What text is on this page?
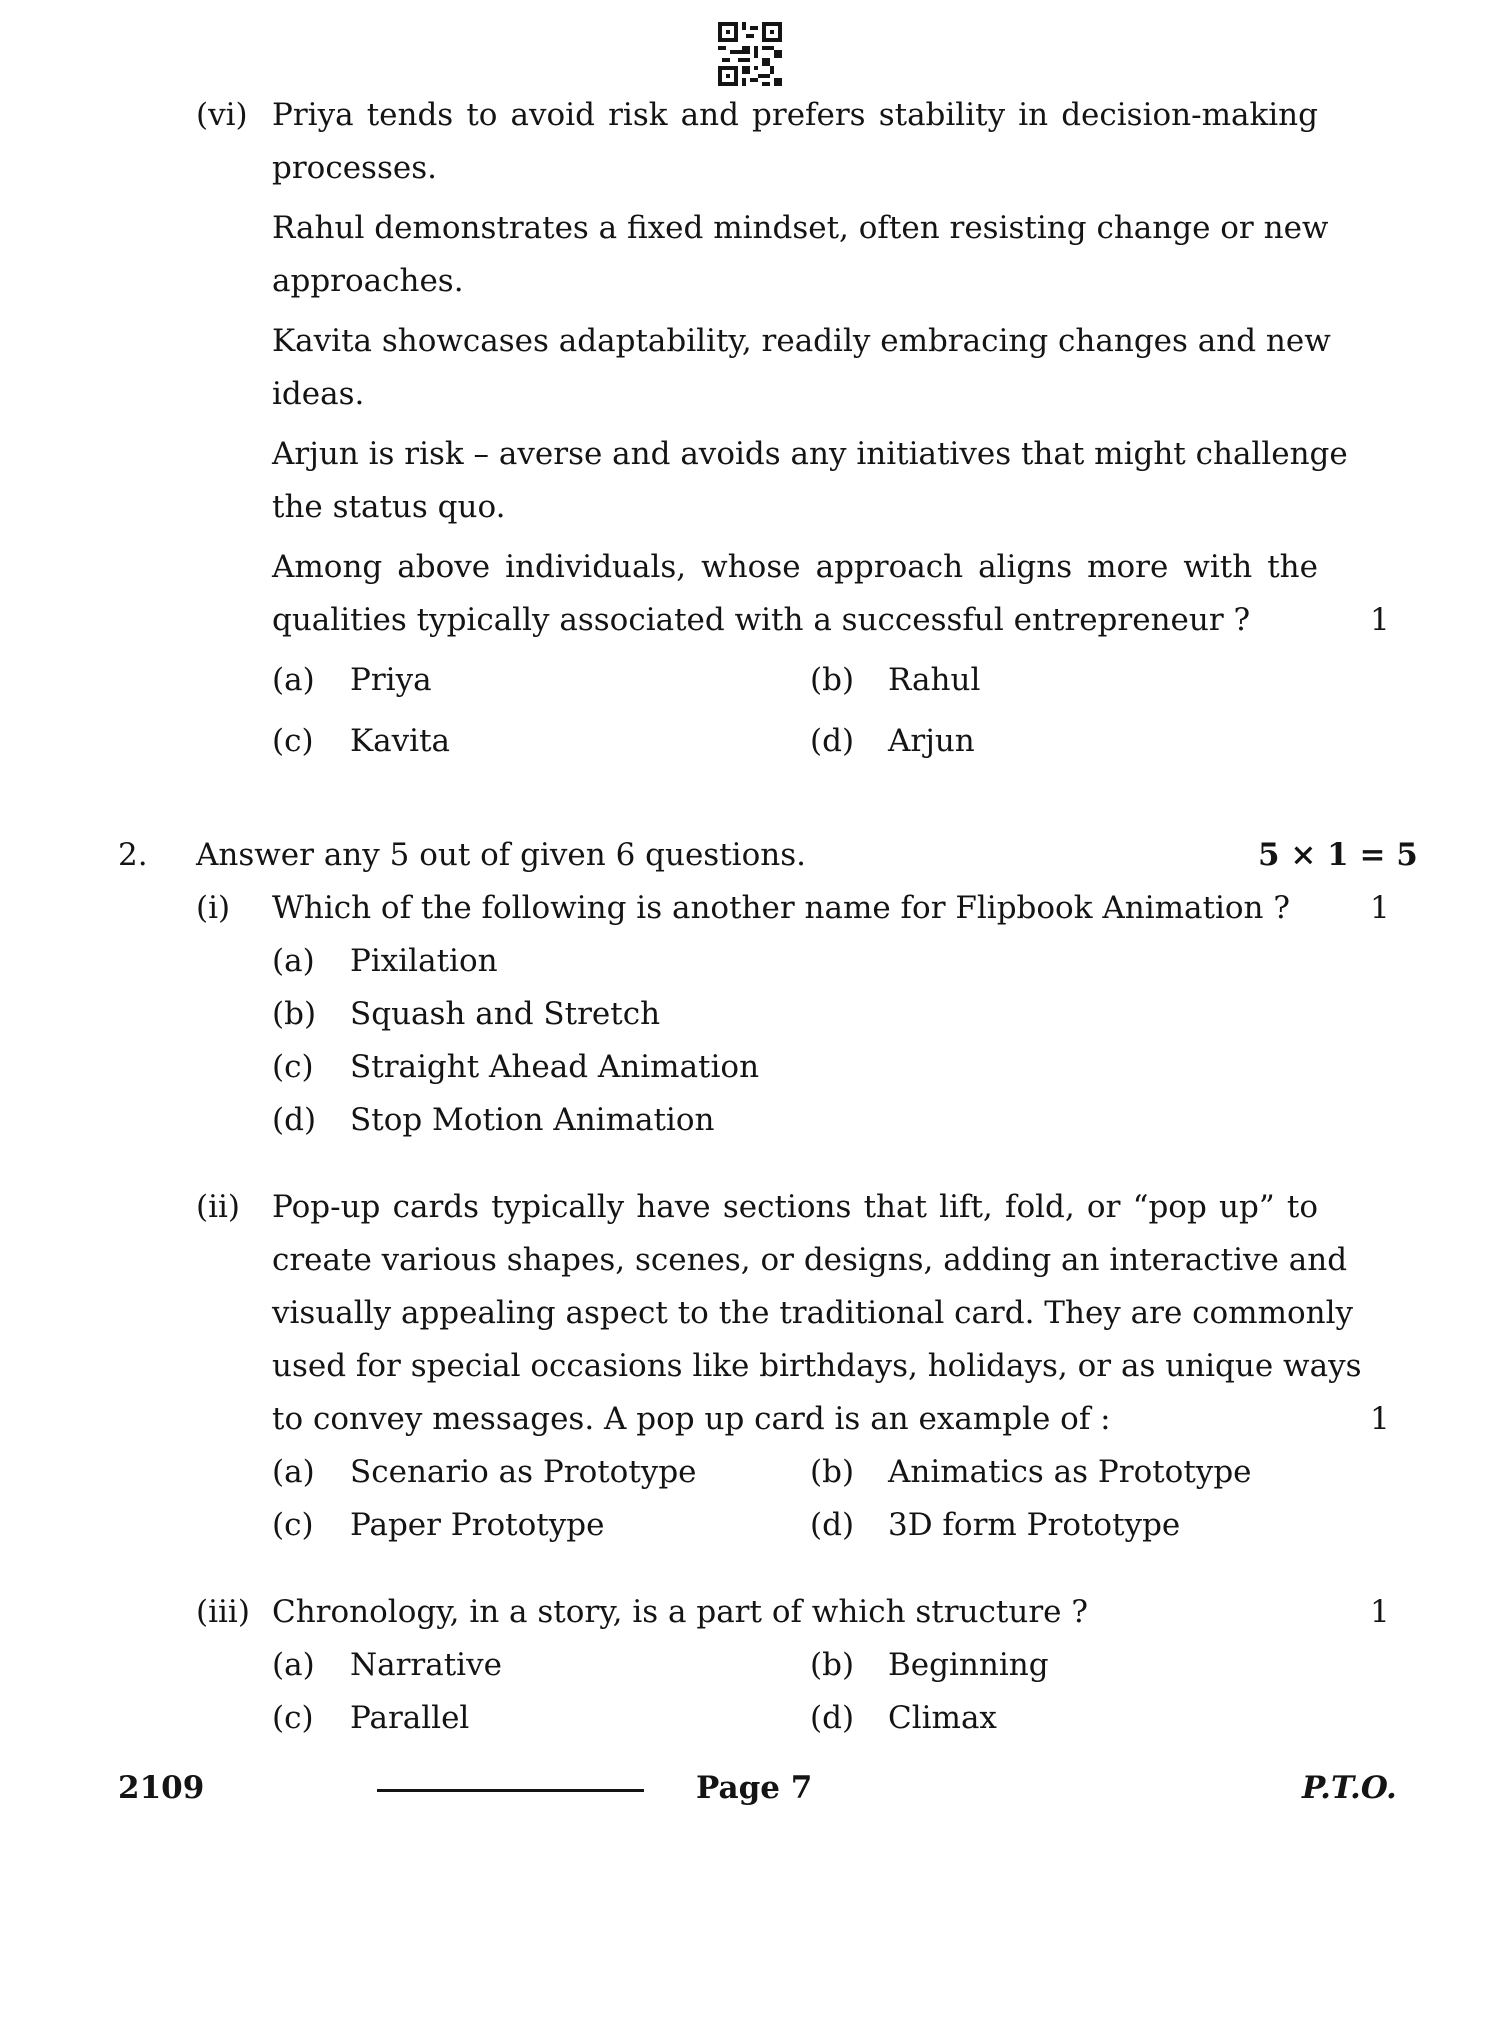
(vi) Priya tends to avoid risk and prefers stability in decision-making
processes.
Rahul demonstrates a fixed mindset, often resisting change or new
approaches.
Kavita showcases adaptability, readily embracing changes and new
ideas.
Arjun is risk – averse and avoids any initiatives that might challenge
the status quo.
Among above individuals, whose approach aligns more with the
qualities typically associated with a successful entrepreneur ?	1
(a) Priya	(b) Rahul
(c) Kavita	(d) Arjun
2. Answer any 5 out of given 6 questions.	5 × 1 = 5
(i) Which of the following is another name for Flipbook Animation ?	1
(a) Pixilation
(b) Squash and Stretch
(c) Straight Ahead Animation
(d) Stop Motion Animation
(ii) Pop-up cards typically have sections that lift, fold, or “pop up” to
create various shapes, scenes, or designs, adding an interactive and
visually appealing aspect to the traditional card. They are commonly
used for special occasions like birthdays, holidays, or as unique ways
to convey messages. A pop up card is an example of :	1
(a) Scenario as Prototype	(b) Animatics as Prototype
(c) Paper Prototype	(d) 3D form Prototype
(iii) Chronology, in a story, is a part of which structure ?	1
(a) Narrative	(b) Beginning
(c) Parallel	(d) Climax
2109	Page 7	P.T.O.
